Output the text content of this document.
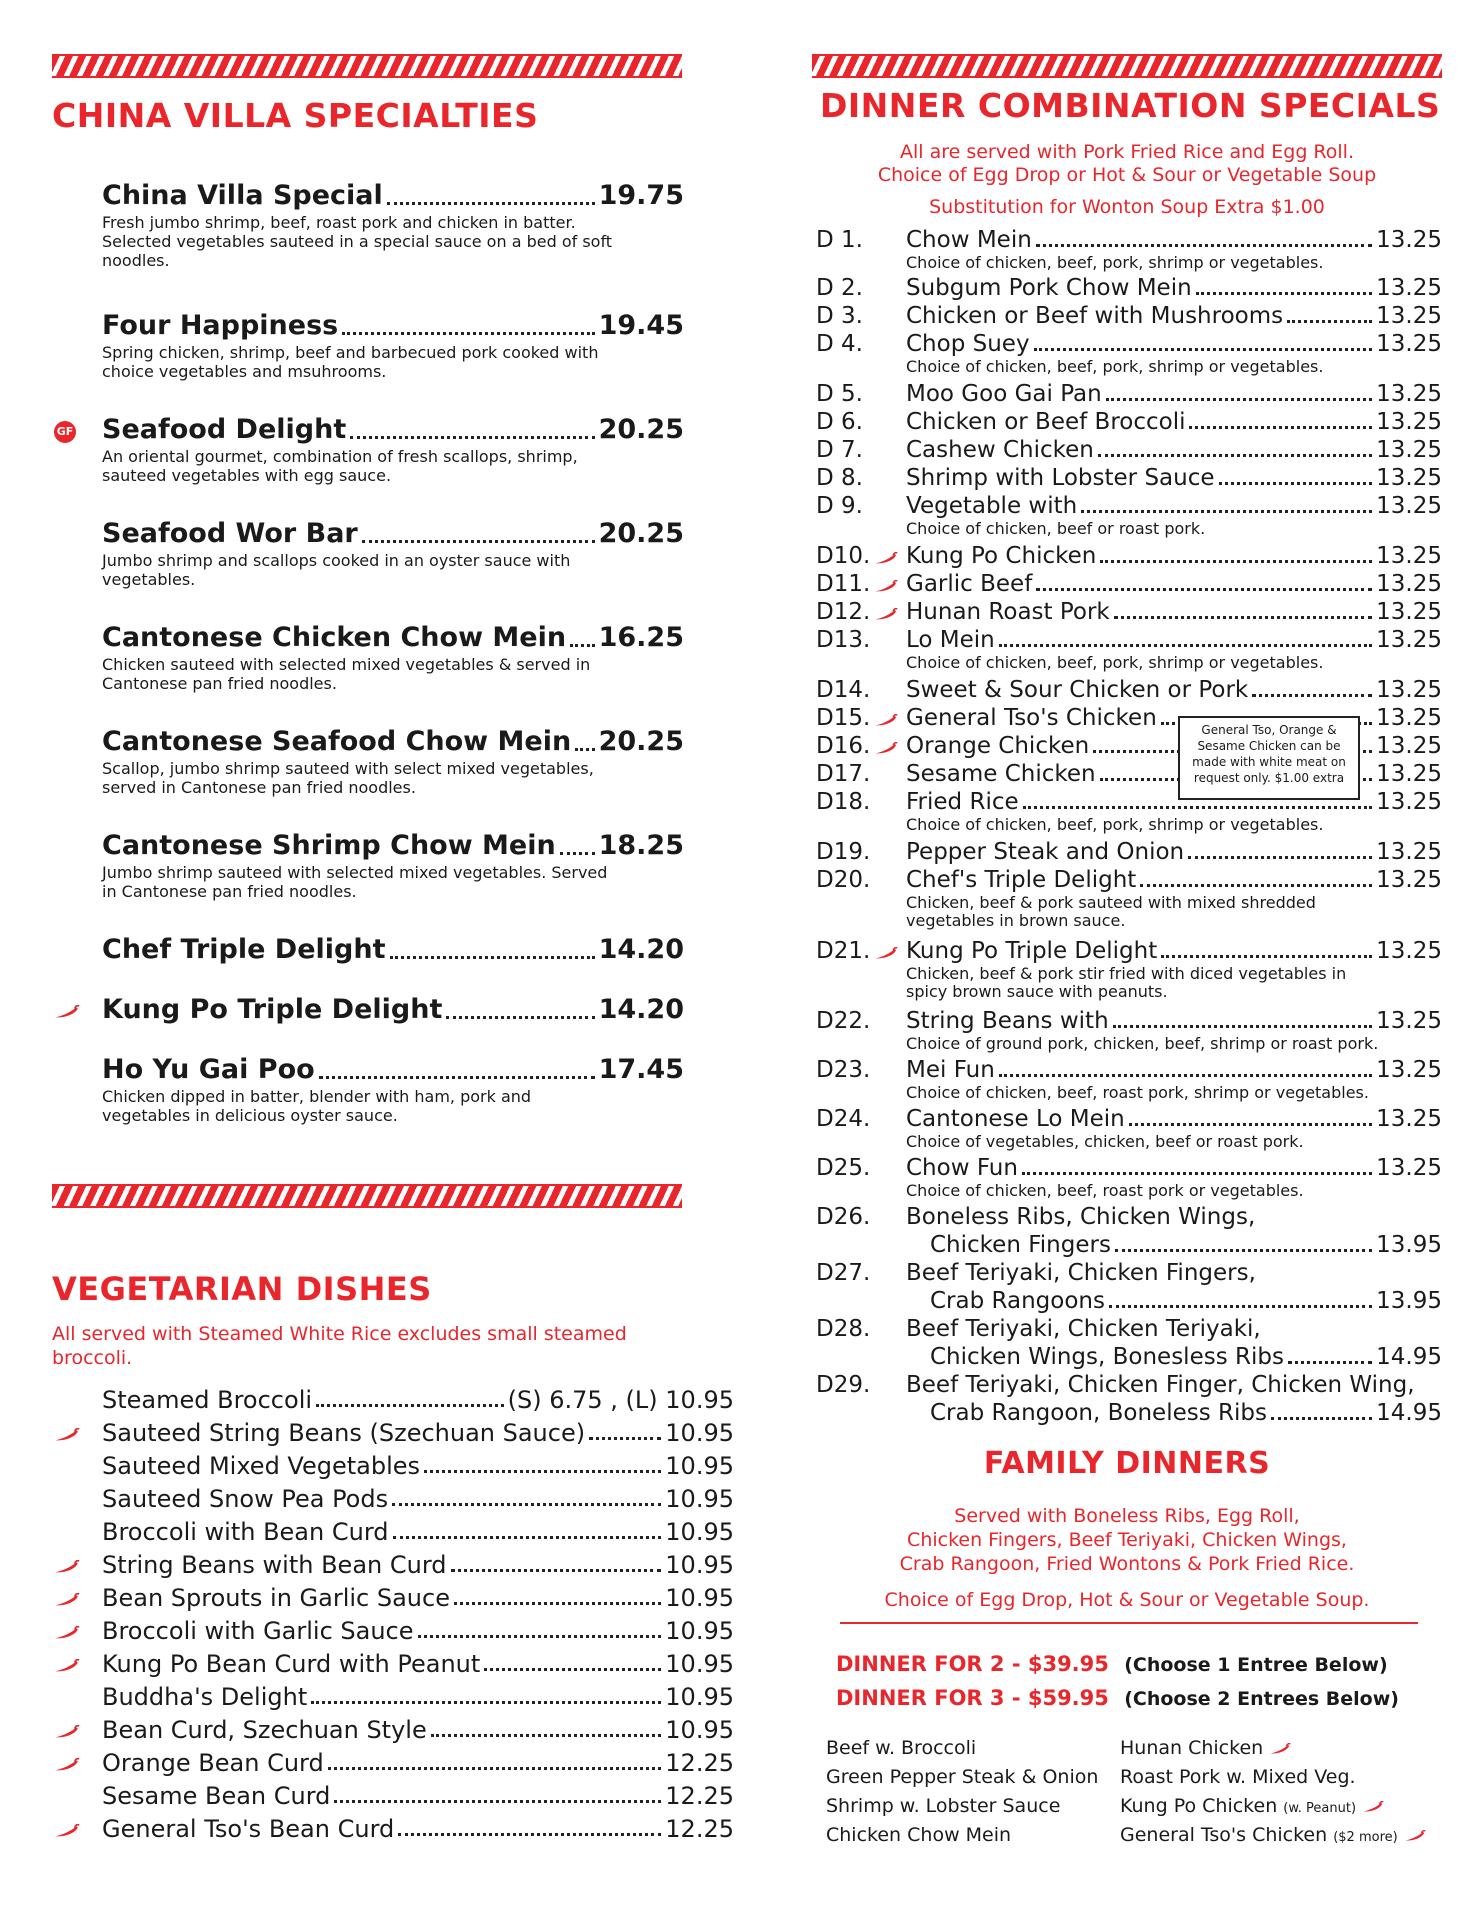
CHINA VILLA SPECIALTIES
China Villa Special	19.75
Fresh jumbo shrimp, beef, roast pork and chicken in batter. Selected vegetables sauteed in a special sauce on a bed of soft noodles.
Four Happiness	19.45
Spring chicken, shrimp, beef and barbecued pork cooked with choice vegetables and msuhrooms.
GF Seafood Delight	20.25
An oriental gourmet, combination of fresh scallops, shrimp, sauteed vegetables with egg sauce.
Seafood Wor Bar	20.25
Jumbo shrimp and scallops cooked in an oyster sauce with vegetables.
Cantonese Chicken Chow Mein 16.25
Chicken sauteed with selected mixed vegetables & served in Cantonese pan fried noodles.
Cantonese Seafood Chow Mein 20.25
Scallop, jumbo shrimp sauteed with select mixed vegetables, served in Cantonese pan fried noodles.
Cantonese Shrimp Chow Mein 18.25
Jumbo shrimp sauteed with selected mixed vegetables. Served in Cantonese pan fried noodles.
Chef Triple Delight	14.20
Kung Po Triple Delight	14.20
Ho Yu Gai Poo	17.45
Chicken dipped in batter, blender with ham, pork and vegetables in delicious oyster sauce.
VEGETARIAN DISHES
All served with Steamed White Rice excludes small steamed broccoli.
Steamed Broccoli	(S) 6.75 , (L) 10.95
Sauteed String Beans (Szechuan Sauce)	10.95
Sauteed Mixed Vegetables	10.95
Sauteed Snow Pea Pods	10.95
Broccoli with Bean Curd	10.95
String Beans with Bean Curd	10.95
Bean Sprouts in Garlic Sauce	10.95
Broccoli with Garlic Sauce	10.95
Kung Po Bean Curd with Peanut	10.95
Buddha's Delight	10.95
Bean Curd, Szechuan Style	10.95
Orange Bean Curd	12.25
Sesame Bean Curd	12.25
General Tso's Bean Curd	12.25
DINNER COMBINATION SPECIALS
All are served with Pork Fried Rice and Egg Roll.
Choice of Egg Drop or Hot & Sour or Vegetable Soup
Substitution for Wonton Soup Extra $1.00
D 1. Chow Mein	13.25
Choice of chicken, beef, pork, shrimp or vegetables.
D 2. Subgum Pork Chow Mein	13.25
D 3. Chicken or Beef with Mushrooms	13.25
D 4. Chop Suey	13.25
Choice of chicken, beef, pork, shrimp or vegetables.
D 5. Moo Goo Gai Pan	13.25
D 6. Chicken or Beef Broccoli	13.25
D 7. Cashew Chicken	13.25
D 8. Shrimp with Lobster Sauce	13.25
D 9. Vegetable with	13.25
Choice of chicken, beef or roast pork.
D10. Kung Po Chicken	13.25
D11. Garlic Beef	13.25
D12. Hunan Roast Pork	13.25
D13. Lo Mein	13.25
Choice of chicken, beef, pork, shrimp or vegetables.
D14. Sweet & Sour Chicken or Pork	13.25
D15. General Tso's Chicken	13.25
D16. Orange Chicken	13.25
D17. Sesame Chicken	13.25
General Tso, Orange & Sesame Chicken can be made with white meat on request only. $1.00 extra
D18. Fried Rice	13.25
Choice of chicken, beef, pork, shrimp or vegetables.
D19. Pepper Steak and Onion	13.25
D20. Chef's Triple Delight	13.25
Chicken, beef & pork sauteed with mixed shredded vegetables in brown sauce.
D21. Kung Po Triple Delight	13.25
Chicken, beef & pork stir fried with diced vegetables in spicy brown sauce with peanuts.
D22. String Beans with	13.25
Choice of ground pork, chicken, beef, shrimp or roast pork.
D23. Mei Fun	13.25
Choice of chicken, beef, roast pork, shrimp or vegetables.
D24. Cantonese Lo Mein	13.25
Choice of vegetables, chicken, beef or roast pork.
D25. Chow Fun	13.25
Choice of chicken, beef, roast pork or vegetables.
D26. Boneless Ribs, Chicken Wings,
Chicken Fingers	13.95
D27. Beef Teriyaki, Chicken Fingers,
Crab Rangoons	13.95
D28. Beef Teriyaki, Chicken Teriyaki,
Chicken Wings, Bonesless Ribs	14.95
D29. Beef Teriyaki, Chicken Finger, Chicken Wing,
Crab Rangoon, Boneless Ribs	14.95
FAMILY DINNERS
Served with Boneless Ribs, Egg Roll,
Chicken Fingers, Beef Teriyaki, Chicken Wings,
Crab Rangoon, Fried Wontons & Pork Fried Rice.
Choice of Egg Drop, Hot & Sour or Vegetable Soup.
DINNER FOR 2 - $39.95 (Choose 1 Entree Below)
DINNER FOR 3 - $59.95 (Choose 2 Entrees Below)
Beef w. Broccoli
Green Pepper Steak & Onion
Shrimp w. Lobster Sauce
Chicken Chow Mein
Hunan Chicken
Roast Pork w. Mixed Veg.
Kung Po Chicken (w. Peanut)
General Tso's Chicken ($2 more)
